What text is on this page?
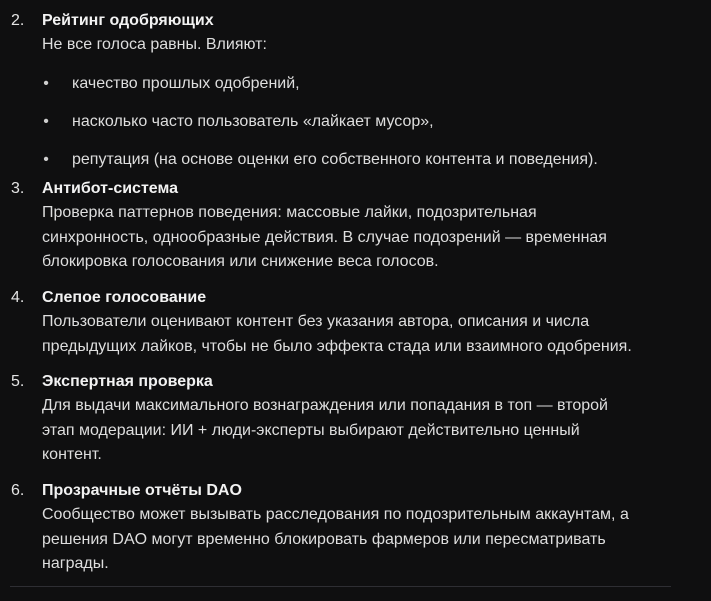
2. Рейтинг одобряющих
Не все голоса равны. Влияют:
• качество прошлых одобрений,
• насколько часто пользователь «лайкает мусор»,
• репутация (на основе оценки его собственного контента и поведения).
3. Антибот-система
Проверка паттернов поведения: массовые лайки, подозрительная
синхронность, однообразные действия. В случае подозрений — временная
блокировка голосования или снижение веса голосов.
4. Слепое голосование
Пользователи оценивают контент без указания автора, описания и числа
предыдущих лайков, чтобы не было эффекта стада или взаимного одобрения.
5. Экспертная проверка
Для выдачи максимального вознаграждения или попадания в топ — второй
этап модерации: ИИ + люди-эксперты выбирают действительно ценный
контент.
6. Прозрачные отчёты DAO
Сообщество может вызывать расследования по подозрительным аккаунтам, а
решения DAO могут временно блокировать фармеров или пересматривать
награды.
